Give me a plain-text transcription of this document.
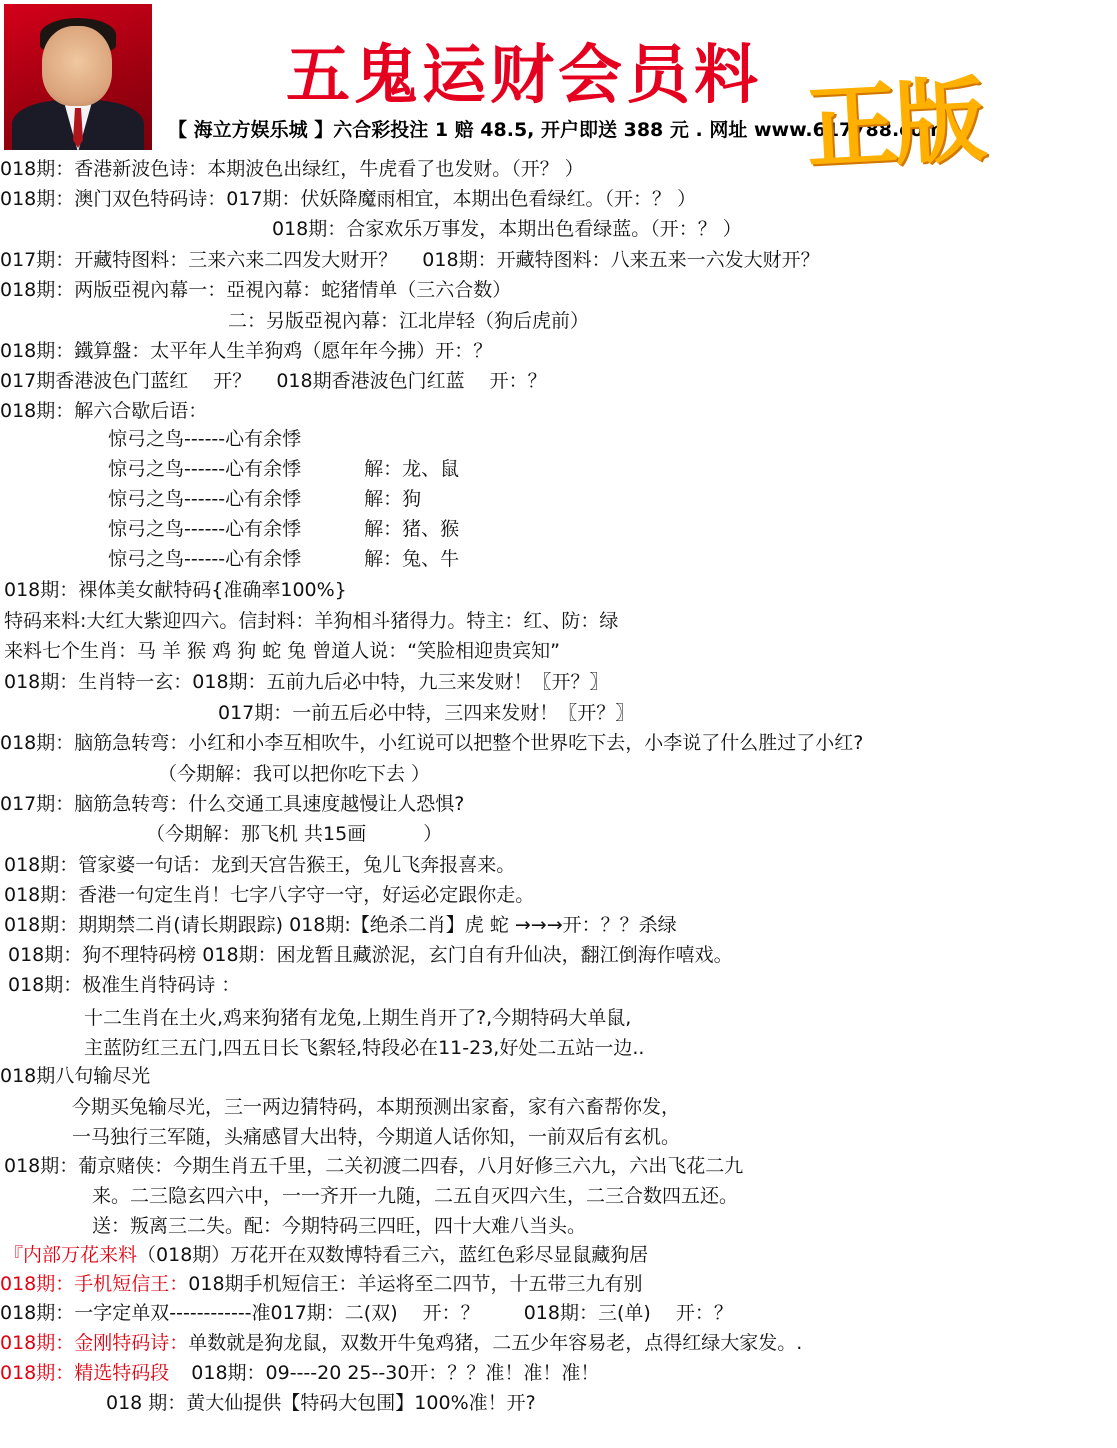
五鬼运财会员料
【 海立方娱乐城 】六合彩投注 1 赔 48.5, 开户即送 388 元 . 网址 www.617788.com
正版
018期：香港新波色诗：本期波色出绿红，牛虎看了也发财。（开？ ）
018期：澳门双色特码诗：017期：伏妖降魔雨相宜，本期出色看绿红。（开：？ ）
018期：合家欢乐万事发，本期出色看绿蓝。（开：？ ）
017期：开藏特图料：三来六来二四发大财开？　 018期：开藏特图料：八来五来一六发大财开？
018期：两版亞視內幕一：亞視內幕：蛇猪情单（三六合数）
二：另版亞視內幕：江北岸轻（狗后虎前）
018期：鐵算盤：太平年人生羊狗鸡（愿年年今拂）开：？
017期香港波色门蓝红　 开？　 018期香港波色门红蓝　 开：？
018期：解六合歇后语：
惊弓之鸟------心有余悸
惊弓之鸟------心有余悸　　　 解：龙、鼠
惊弓之鸟------心有余悸　　　 解：狗
惊弓之鸟------心有余悸　　　 解：猪、猴
惊弓之鸟------心有余悸　　　 解：兔、牛
018期：裸体美女献特码{准确率100%}
特码来料:大红大紫迎四六。信封料：羊狗相斗猪得力。特主：红、防：绿
来料七个生肖：马 羊 猴 鸡 狗 蛇 兔 曾道人说：“笑脸相迎贵宾知”
018期：生肖特一玄：018期：五前九后必中特，九三来发财！〖开？〗
017期：一前五后必中特，三四来发财！〖开？〗
018期：脑筋急转弯：小红和小李互相吹牛，小红说可以把整个世界吃下去，小李说了什么胜过了小红?
（今期解：我可以把你吃下去 ）
017期：脑筋急转弯：什么交通工具速度越慢让人恐惧?
（今期解：那飞机 共15画　　　）
018期：管家婆一句话：龙到天宫告猴王，兔儿飞奔报喜来。
018期：香港一句定生肖！七字八字守一守，好运必定跟你走。
018期：期期禁二肖(请长期跟踪) 018期:【绝杀二肖】虎 蛇 →→→开：？？杀绿
018期：狗不理特码榜 018期：困龙暂且藏淤泥，玄门自有升仙决，翻江倒海作嘻戏。
018期：极准生肖特码诗 ：
十二生肖在土火,鸡来狗猪有龙兔,上期生肖开了?,今期特码大单鼠,
主蓝防红三五门,四五日长飞絮轻,特段必在11-23,好处二五站一边..
018期八句输尽光
今期买兔输尽光，三一两边猜特码，本期预测出家畜，家有六畜帮你发，
一马独行三军随，头痛感冒大出特，今期道人话你知，一前双后有玄机。
018期：葡京赌侠：今期生肖五千里，二关初渡二四春，八月好修三六九，六出飞花二九
来。二三隐玄四六中，一一齐开一九随，二五自灭四六生，二三合数四五还。
送：叛离三二失。配：今期特码三四旺，四十大难八当头。
『内部万花来料（018期）万花开在双数博特看三六，蓝红色彩尽显鼠藏狗居
018期：手机短信王：018期手机短信王：羊运将至二四节，十五带三九有别
018期：一字定单双------------准017期：二(双)　 开：？　　 018期：三(单)　 开：？
018期：金刚特码诗：单数就是狗龙鼠，双数开牛兔鸡猪，二五少年容易老，点得红绿大家发。.
018期：精选特码段 018期：09----20 25--30开：？？准！准！准！
018 期：黄大仙提供【特码大包围】100%准！开?
